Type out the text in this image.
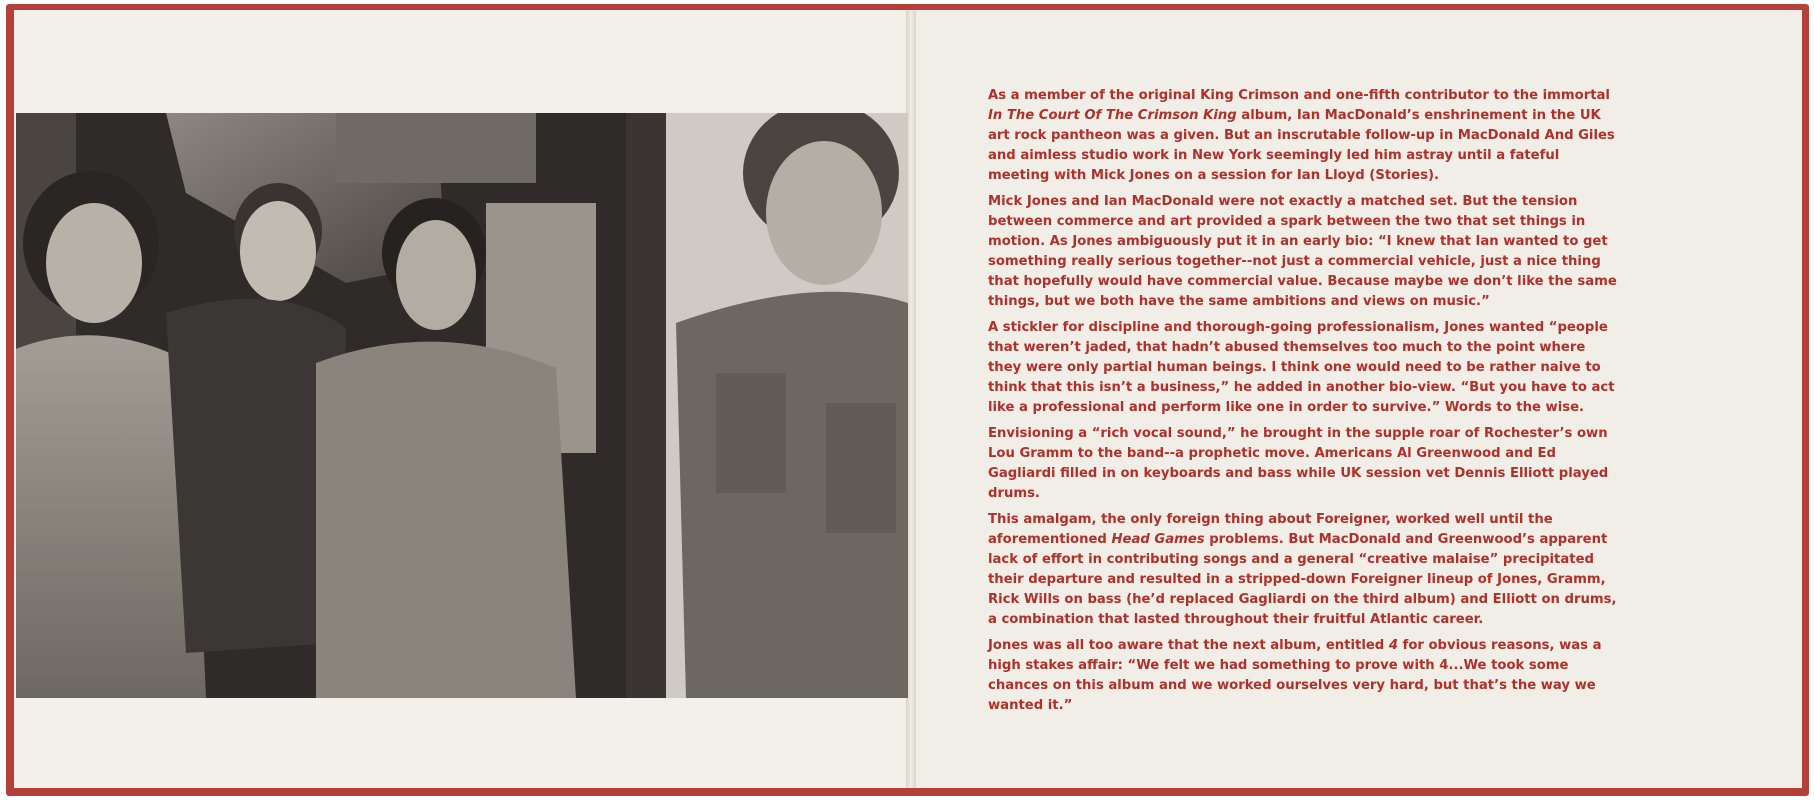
As a member of the original King Crimson and one-fifth contributor to the immortal In The Court Of The Crimson King album, Ian MacDonald’s enshrinement in the UK art rock pantheon was a given. But an inscrutable follow-up in MacDonald And Giles and aimless studio work in New York seemingly led him astray until a fateful meeting with Mick Jones on a session for Ian Lloyd (Stories).

Mick Jones and Ian MacDonald were not exactly a matched set. But the tension between commerce and art provided a spark between the two that set things in motion. As Jones ambiguously put it in an early bio: “I knew that Ian wanted to get something really serious together--not just a commercial vehicle, just a nice thing that hopefully would have commercial value. Because maybe we don’t like the same things, but we both have the same ambitions and views on music.”

A stickler for discipline and thorough-going professionalism, Jones wanted “people that weren’t jaded, that hadn’t abused themselves too much to the point where they were only partial human beings. I think one would need to be rather naive to think that this isn’t a business,” he added in another bio-view. “But you have to act like a professional and perform like one in order to survive.” Words to the wise.

Envisioning a “rich vocal sound,” he brought in the supple roar of Rochester’s own Lou Gramm to the band--a prophetic move. Americans Al Greenwood and Ed Gagliardi filled in on keyboards and bass while UK session vet Dennis Elliott played drums.

This amalgam, the only foreign thing about Foreigner, worked well until the aforementioned Head Games problems. But MacDonald and Greenwood’s apparent lack of effort in contributing songs and a general “creative malaise” precipitated their departure and resulted in a stripped-down Foreigner lineup of Jones, Gramm, Rick Wills on bass (he’d replaced Gagliardi on the third album) and Elliott on drums, a combination that lasted throughout their fruitful Atlantic career.

Jones was all too aware that the next album, entitled 4 for obvious reasons, was a high stakes affair: “We felt we had something to prove with 4...We took some chances on this album and we worked ourselves very hard, but that’s the way we wanted it.”
